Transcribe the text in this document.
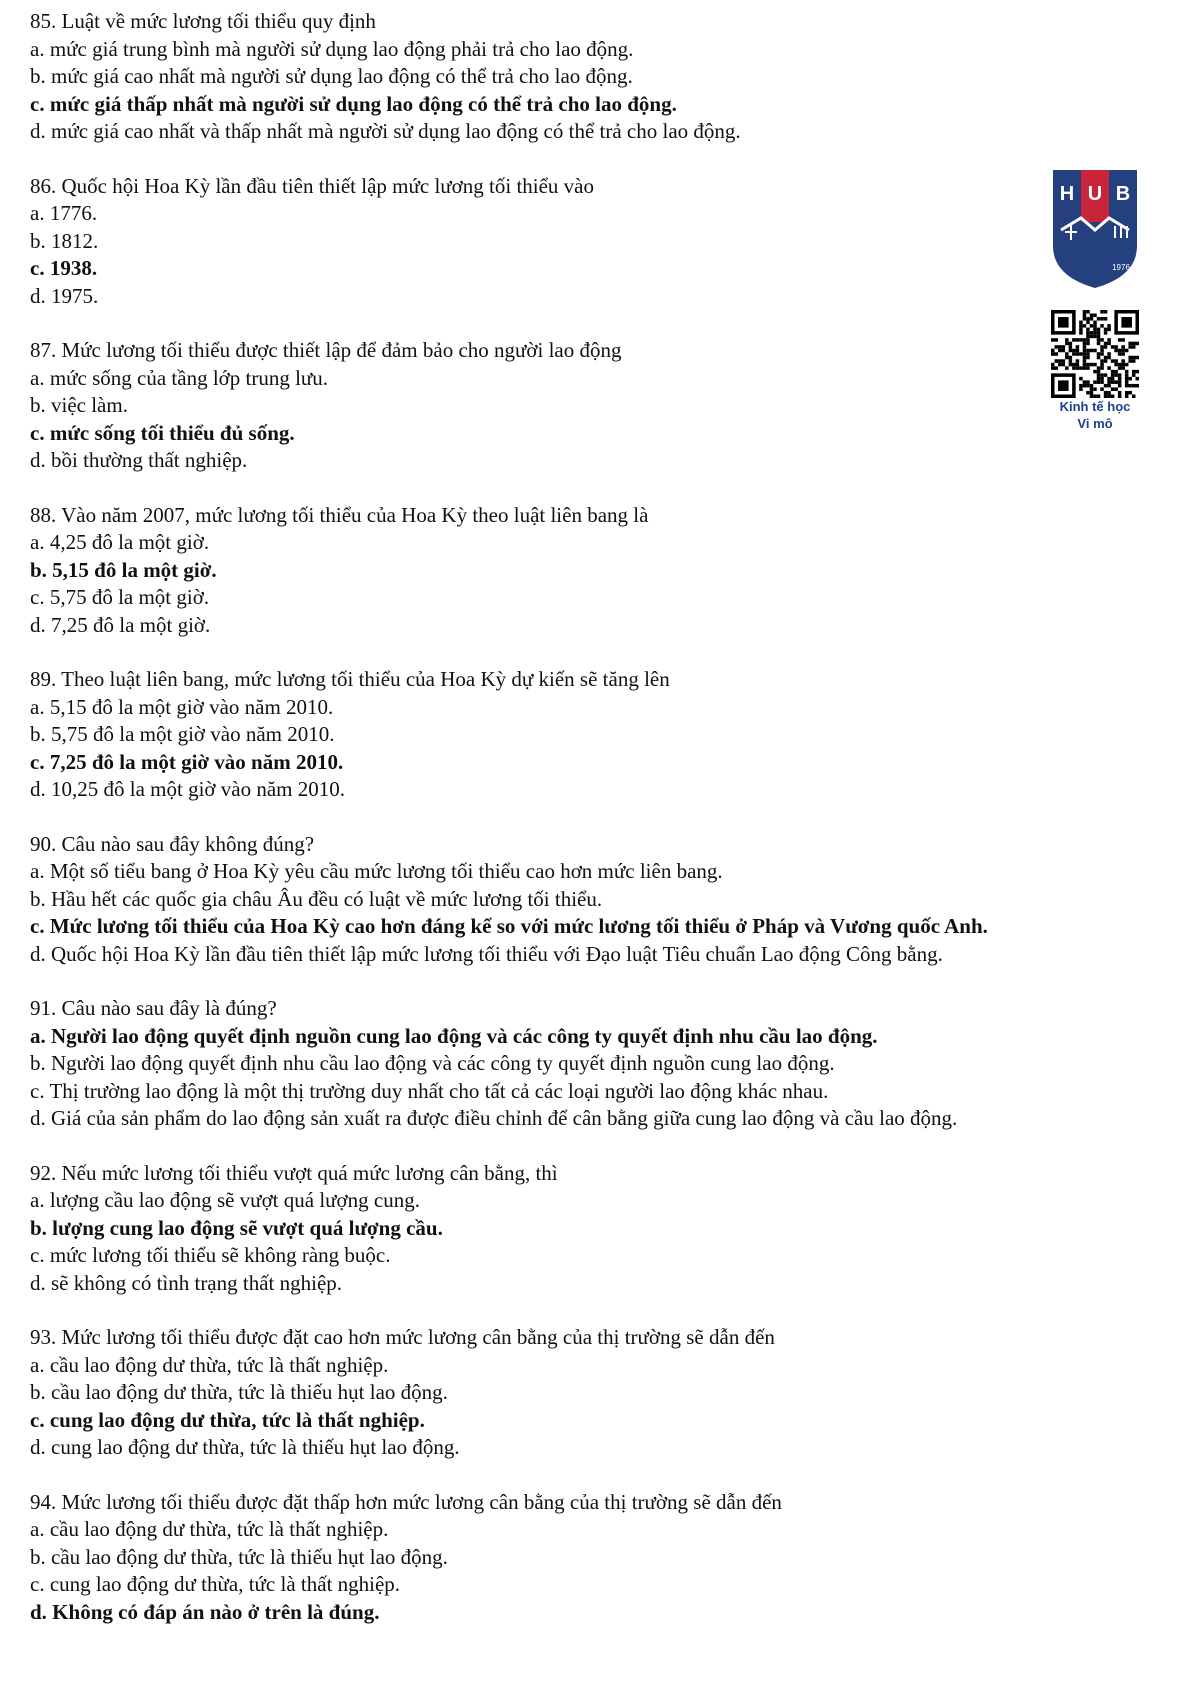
85. Luật về mức lương tối thiểu quy định
a. mức giá trung bình mà người sử dụng lao động phải trả cho lao động.
b. mức giá cao nhất mà người sử dụng lao động có thể trả cho lao động.
c. mức giá thấp nhất mà người sử dụng lao động có thể trả cho lao động.
d. mức giá cao nhất và thấp nhất mà người sử dụng lao động có thể trả cho lao động.
86. Quốc hội Hoa Kỳ lần đầu tiên thiết lập mức lương tối thiểu vào
a. 1776.
b. 1812.
c. 1938.
d. 1975.
87. Mức lương tối thiểu được thiết lập để đảm bảo cho người lao động
a. mức sống của tầng lớp trung lưu.
b. việc làm.
c. mức sống tối thiểu đủ sống.
d. bồi thường thất nghiệp.
88. Vào năm 2007, mức lương tối thiểu của Hoa Kỳ theo luật liên bang là
a. 4,25 đô la một giờ.
b. 5,15 đô la một giờ.
c. 5,75 đô la một giờ.
d. 7,25 đô la một giờ.
89. Theo luật liên bang, mức lương tối thiểu của Hoa Kỳ dự kiến sẽ tăng lên
a. 5,15 đô la một giờ vào năm 2010.
b. 5,75 đô la một giờ vào năm 2010.
c. 7,25 đô la một giờ vào năm 2010.
d. 10,25 đô la một giờ vào năm 2010.
90. Câu nào sau đây không đúng?
a. Một số tiểu bang ở Hoa Kỳ yêu cầu mức lương tối thiểu cao hơn mức liên bang.
b. Hầu hết các quốc gia châu Âu đều có luật về mức lương tối thiểu.
c. Mức lương tối thiểu của Hoa Kỳ cao hơn đáng kể so với mức lương tối thiểu ở Pháp và Vương quốc Anh.
d. Quốc hội Hoa Kỳ lần đầu tiên thiết lập mức lương tối thiểu với Đạo luật Tiêu chuẩn Lao động Công bằng.
91. Câu nào sau đây là đúng?
a. Người lao động quyết định nguồn cung lao động và các công ty quyết định nhu cầu lao động.
b. Người lao động quyết định nhu cầu lao động và các công ty quyết định nguồn cung lao động.
c. Thị trường lao động là một thị trường duy nhất cho tất cả các loại người lao động khác nhau.
d. Giá của sản phẩm do lao động sản xuất ra được điều chỉnh để cân bằng giữa cung lao động và cầu lao động.
92. Nếu mức lương tối thiểu vượt quá mức lương cân bằng, thì
a. lượng cầu lao động sẽ vượt quá lượng cung.
b. lượng cung lao động sẽ vượt quá lượng cầu.
c. mức lương tối thiểu sẽ không ràng buộc.
d. sẽ không có tình trạng thất nghiệp.
93. Mức lương tối thiểu được đặt cao hơn mức lương cân bằng của thị trường sẽ dẫn đến
a. cầu lao động dư thừa, tức là thất nghiệp.
b. cầu lao động dư thừa, tức là thiếu hụt lao động.
c. cung lao động dư thừa, tức là thất nghiệp.
d. cung lao động dư thừa, tức là thiếu hụt lao động.
94. Mức lương tối thiểu được đặt thấp hơn mức lương cân bằng của thị trường sẽ dẫn đến
a. cầu lao động dư thừa, tức là thất nghiệp.
b. cầu lao động dư thừa, tức là thiếu hụt lao động.
c. cung lao động dư thừa, tức là thất nghiệp.
d. Không có đáp án nào ở trên là đúng.
H U B
1976
Kinh tế học
Vi mô
